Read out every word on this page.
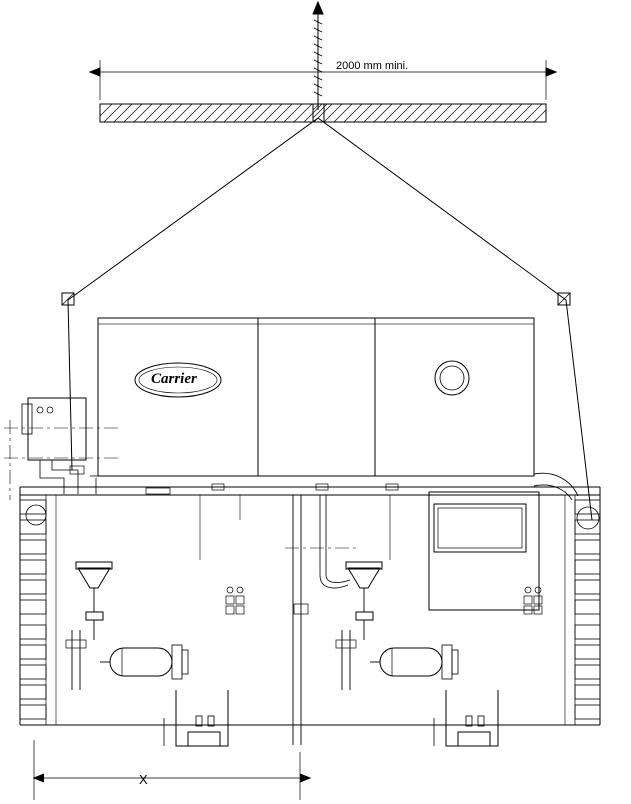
2000 mm mini.
Carrier
X
